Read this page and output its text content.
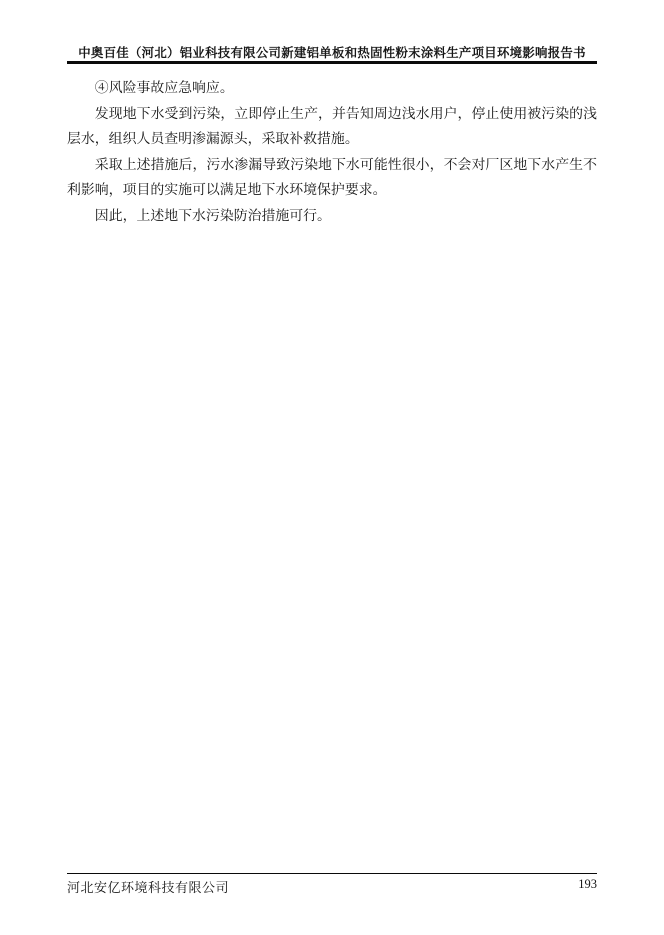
中奥百佳（河北）铝业科技有限公司新建铝单板和热固性粉末涂料生产项目环境影响报告书

④风险事故应急响应。

发现地下水受到污染，立即停止生产，并告知周边浅水用户，停止使用被污染的浅层水，组织人员查明渗漏源头，采取补救措施。

采取上述措施后，污水渗漏导致污染地下水可能性很小，不会对厂区地下水产生不利影响，项目的实施可以满足地下水环境保护要求。

因此，上述地下水污染防治措施可行。

河北安亿环境科技有限公司	193
